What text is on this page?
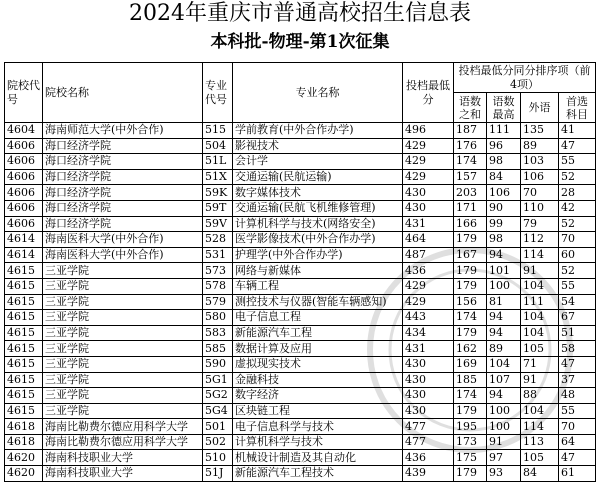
2024年重庆市普通高校招生信息表
本科批-物理-第1次征集
院校代号	院校名称	专业代号	专业名称	投档最低分	投档最低分同分排序项（前4项）			
					语数之和	语数最高	外语	首选科目
4604	海南师范大学(中外合作)	515	学前教育(中外合作办学)	496	187	111	135	41
4606	海口经济学院	504	影视技术	429	176	96	89	47
4606	海口经济学院	51L	会计学	429	174	98	103	55
4606	海口经济学院	51X	交通运输(民航运输)	429	157	84	106	52
4606	海口经济学院	59K	数字媒体技术	430	203	106	70	28
4606	海口经济学院	59T	交通运输(民航飞机维修管理)	430	171	90	110	42
4606	海口经济学院	59V	计算机科学与技术(网络安全)	431	166	99	79	52
4614	海南医科大学(中外合作)	528	医学影像技术(中外合作办学)	464	179	98	112	70
4614	海南医科大学(中外合作)	531	护理学(中外合作办学)	487	167	94	114	60
4615	三亚学院	573	网络与新媒体	436	179	101	91	52
4615	三亚学院	578	车辆工程	429	179	100	104	55
4615	三亚学院	579	测控技术与仪器(智能车辆感知)	429	156	81	111	54
4615	三亚学院	580	电子信息工程	443	174	94	104	67
4615	三亚学院	583	新能源汽车工程	434	179	94	104	51
4615	三亚学院	585	数据计算及应用	431	162	89	105	58
4615	三亚学院	590	虚拟现实技术	430	169	104	71	47
4615	三亚学院	5G1	金融科技	430	185	107	91	37
4615	三亚学院	5G2	数字经济	430	174	94	88	48
4615	三亚学院	5G4	区块链工程	430	179	100	104	55
4618	海南比勒费尔德应用科学大学	501	电子信息科学与技术	477	195	100	114	70
4618	海南比勒费尔德应用科学大学	502	计算机科学与技术	477	173	91	113	64
4620	海南科技职业大学	510	机械设计制造及其自动化	436	175	97	105	47
4620	海南科技职业大学	51J	新能源汽车工程技术	439	179	93	84	61
